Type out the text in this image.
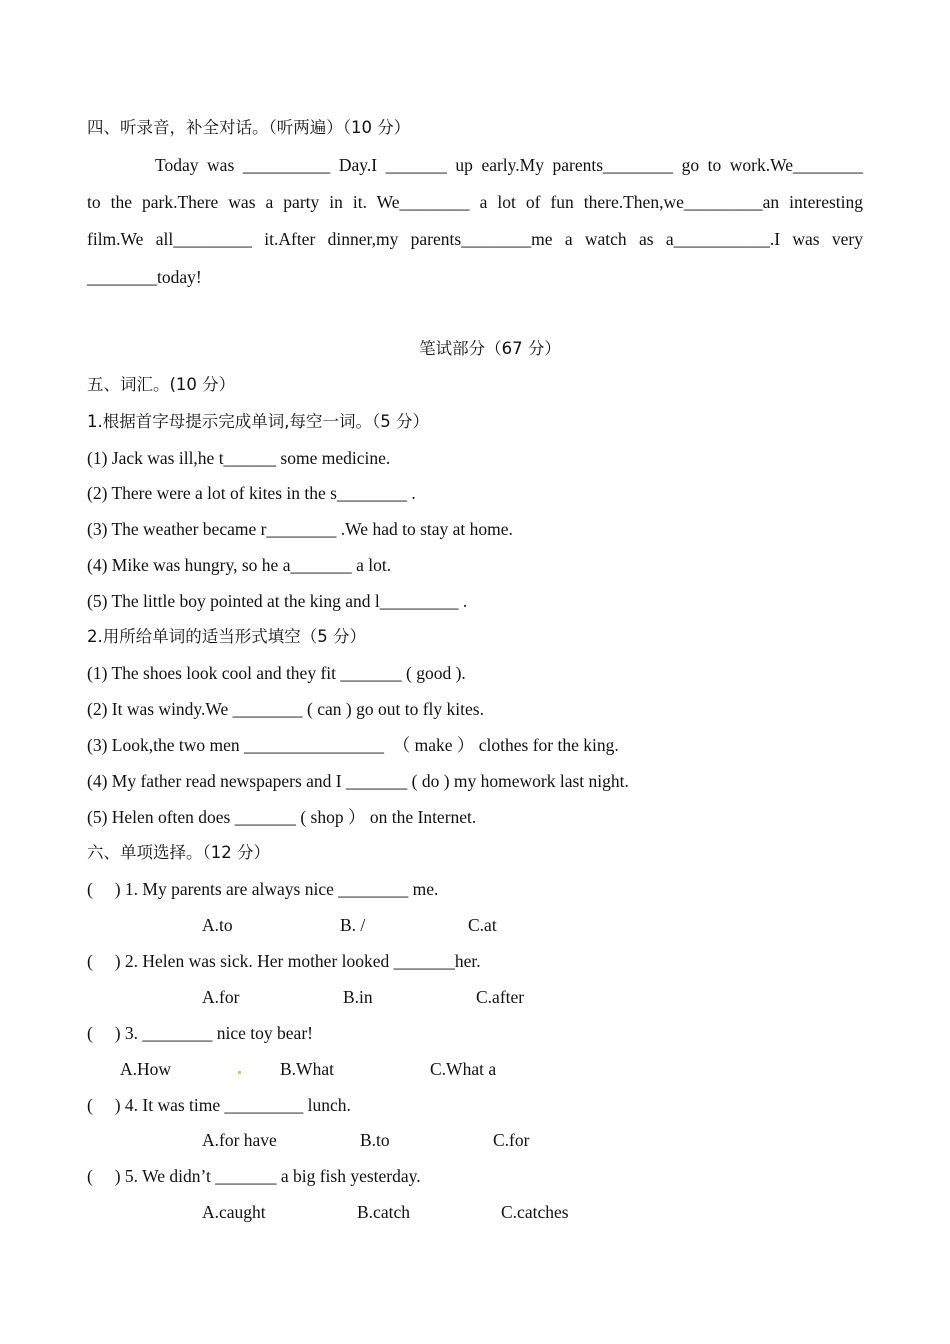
四、听录音，补全对话。（听两遍）（10 分）
Today was __________ Day.I _______ up early.My parents________ go to work.We________
to the park.There was a party in it. We________ a lot of fun there.Then,we_________an interesting
film.We all_________ it.After dinner,my parents________me a watch as a___________.I was very
________today!
笔试部分（67 分）
五、词汇。(10 分）
1.根据首字母提示完成单词,每空一词。（5 分）
(1) Jack was ill,he t______ some medicine.
(2) There were a lot of kites in the s________ .
(3) The weather became r________ .We had to stay at home.
(4) Mike was hungry, so he a_______ a lot.
(5) The little boy pointed at the king and l_________ .
2.用所给单词的适当形式填空（5 分）
(1) The shoes look cool and they fit _______ ( good ).
(2) It was windy.We ________ ( can ) go out to fly kites.
(3) Look,the two men ________________  （ make ） clothes for the king.
(4) My father read newspapers and I _______ ( do ) my homework last night.
(5) Helen often does _______ ( shop ） on the Internet.
六、单项选择。（12 分）
(     ) 1. My parents are always nice ________ me.
A.to	B. /	C.at
(     ) 2. Helen was sick. Her mother looked _______her.
A.for	B.in	C.after
(     ) 3. ________ nice toy bear!
A.How	B.What	C.What a
(     ) 4. It was time _________ lunch.
A.for have	B.to	C.for
(     ) 5. We didn’t _______ a big fish yesterday.
A.caught	B.catch	C.catches
